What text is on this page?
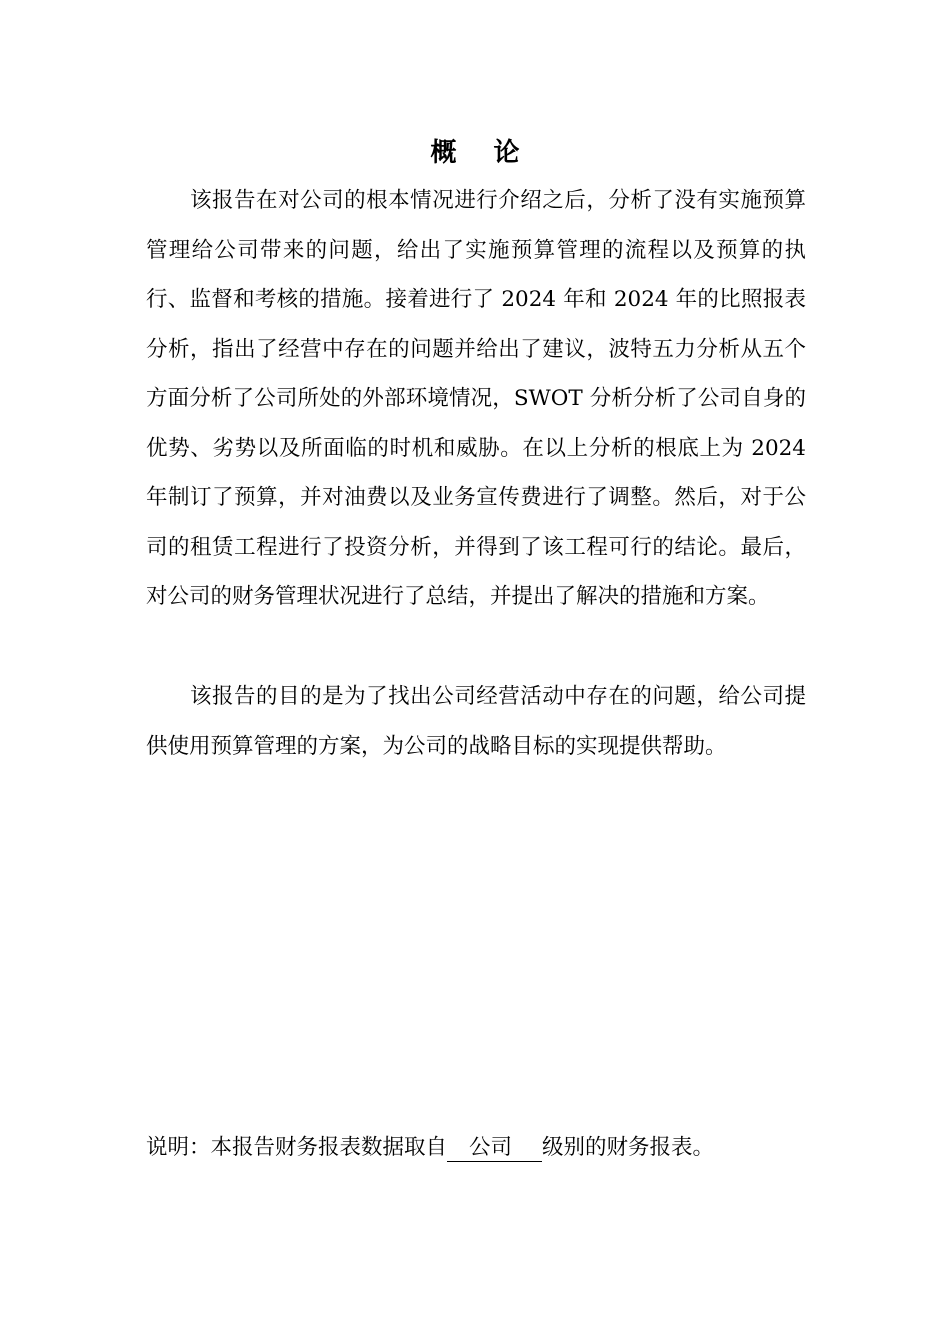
概 论

该报告在对公司的根本情况进行介绍之后，分析了没有实施预算管理给公司带来的问题，给出了实施预算管理的流程以及预算的执行、监督和考核的措施。接着进行了 2024 年和 2024 年的比照报表分析，指出了经营中存在的问题并给出了建议，波特五力分析从五个方面分析了公司所处的外部环境情况，SWOT 分析分析了公司自身的优势、劣势以及所面临的时机和威胁。在以上分析的根底上为 2024 年制订了预算，并对油费以及业务宣传费进行了调整。然后，对于公司的租赁工程进行了投资分析，并得到了该工程可行的结论。最后，对公司的财务管理状况进行了总结，并提出了解决的措施和方案。

该报告的目的是为了找出公司经营活动中存在的问题，给公司提供使用预算管理的方案，为公司的战略目标的实现提供帮助。

说明：本报告财务报表数据取自 公司 级别的财务报表。
